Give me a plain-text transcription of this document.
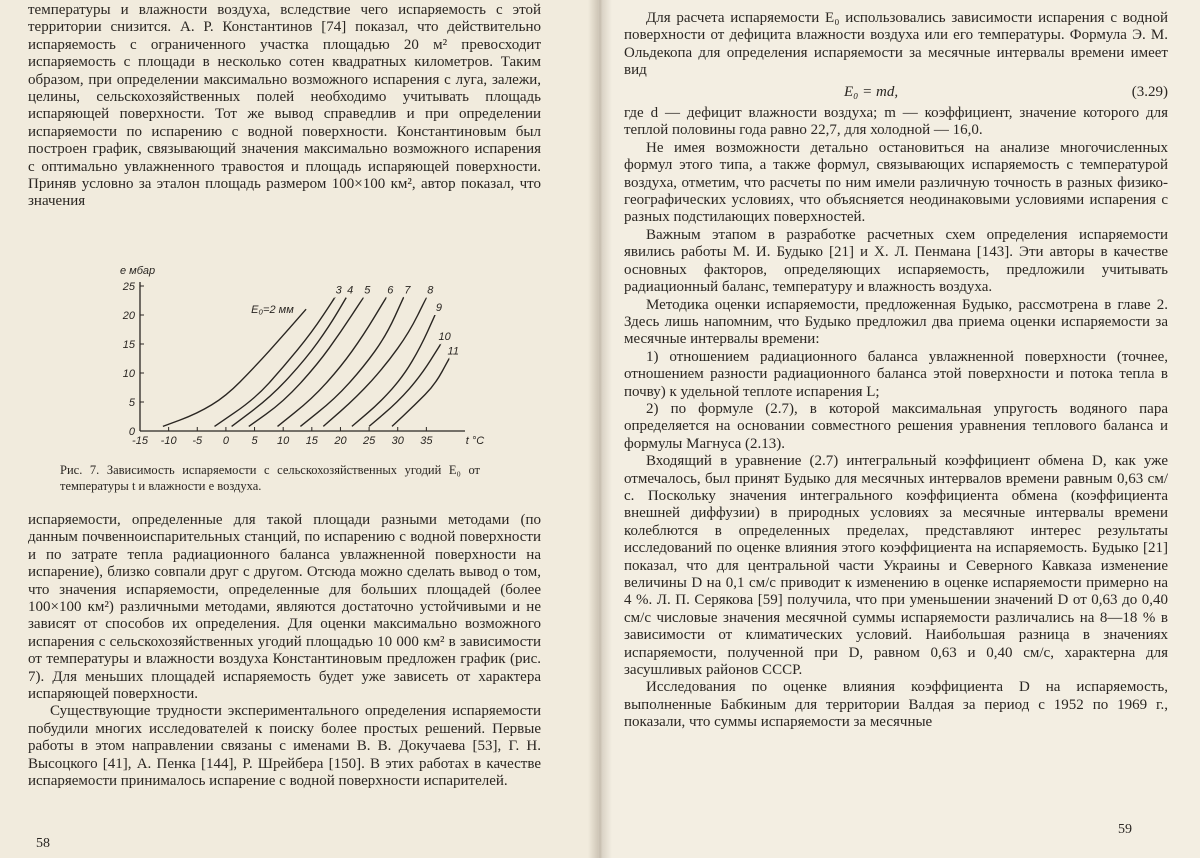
температуры и влажности воздуха, вследствие чего испаряемость с этой территории снизится. А. Р. Константинов [74] показал, что действительно испаряемость с ограниченного участка площадью 20 м² превосходит испаряемость с площади в несколько сотен квадратных километров. Таким образом, при определении максимально возможного испарения с луга, залежи, целины, сельскохозяйственных полей необходимо учитывать площадь испаряющей поверхности. Тот же вывод справедлив и при определении испаряемости по испарению с водной поверхности. Константиновым был построен график, связывающий значения максимально возможного испарения с оптимально увлажненного травостоя и площадь испаряющей поверхности. Приняв условно за эталон площадь размером 100×100 км², автор показал, что значения

-15 -10 -5 0 5 10 15 20 25 30 35	t °C
0
5
10
15
20
25
e мбар
E₀=2 мм
3 4 5 6 7 8
9
10
11
Рис. 7. Зависимость испаряемости с сельскохозяйственных угодий E₀ от температуры t и влажности e воздуха.

испаряемости, определенные для такой площади разными методами (по данным почвенноиспарительных станций, по испарению с водной поверхности и по затрате тепла радиационного баланса увлажненной поверхности на испарение), близко совпали друг с другом. Отсюда можно сделать вывод о том, что значения испаряемости, определенные для больших площадей (более 100×100 км²) различными методами, являются достаточно устойчивыми и не зависят от способов их определения. Для оценки максимально возможного испарения с сельскохозяйственных угодий площадью 10 000 км² в зависимости от температуры и влажности воздуха Константиновым предложен график (рис. 7). Для меньших площадей испаряемость будет уже зависеть от характера испаряющей поверхности.

Существующие трудности экспериментального определения испаряемости побудили многих исследователей к поиску более простых решений. Первые работы в этом направлении связаны с именами В. В. Докучаева [53], Г. Н. Высоцкого [41], А. Пенка [144], Р. Шрейбера [150]. В этих работах в качестве испаряемости принималось испарение с водной поверхности испарителей.

58

Для расчета испаряемости E₀ использовались зависимости испарения с водной поверхности от дефицита влажности воздуха или его температуры. Формула Э. М. Ольдекопа для определения испаряемости за месячные интервалы времени имеет вид

E₀ = md,	(3.29)

где d — дефицит влажности воздуха; m — коэффициент, значение которого для теплой половины года равно 22,7, для холодной — 16,0.

Не имея возможности детально остановиться на анализе многочисленных формул этого типа, а также формул, связывающих испаряемость с температурой воздуха, отметим, что расчеты по ним имели различную точность в разных физико-географических условиях, что объясняется неодинаковыми условиями испарения с разных подстилающих поверхностей.

Важным этапом в разработке расчетных схем определения испаряемости явились работы М. И. Будыко [21] и Х. Л. Пенмана [143]. Эти авторы в качестве основных факторов, определяющих испаряемость, предложили учитывать радиационный баланс, температуру и влажность воздуха.

Методика оценки испаряемости, предложенная Будыко, рассмотрена в главе 2. Здесь лишь напомним, что Будыко предложил два приема оценки испаряемости за месячные интервалы времени:

1) отношением радиационного баланса увлажненной поверхности (точнее, отношением разности радиационного баланса этой поверхности и потока тепла в почву) к удельной теплоте испарения L;

2) по формуле (2.7), в которой максимальная упругость водяного пара определяется на основании совместного решения уравнения теплового баланса и формулы Магнуса (2.13).

Входящий в уравнение (2.7) интегральный коэффициент обмена D, как уже отмечалось, был принят Будыко для месячных интервалов времени равным 0,63 см/с. Поскольку значения интегрального коэффициента обмена (коэффициента внешней диффузии) в природных условиях за месячные интервалы времени колеблются в определенных пределах, представляют интерес результаты исследований по оценке влияния этого коэффициента на испаряемость. Будыко [21] показал, что для центральной части Украины и Северного Кавказа изменение величины D на 0,1 см/с приводит к изменению в оценке испаряемости примерно на 4 %. Л. П. Серякова [59] получила, что при уменьшении значений D от 0,63 до 0,40 см/с числовые значения месячной суммы испаряемости различались на 8—18 % в зависимости от климатических условий. Наибольшая разница в значениях испаряемости, полученной при D, равном 0,63 и 0,40 см/с, характерна для засушливых районов СССР.

Исследования по оценке влияния коэффициента D на испаряемость, выполненные Бабкиным для территории Валдая за период с 1952 по 1969 г., показали, что суммы испаряемости за месячные

59
